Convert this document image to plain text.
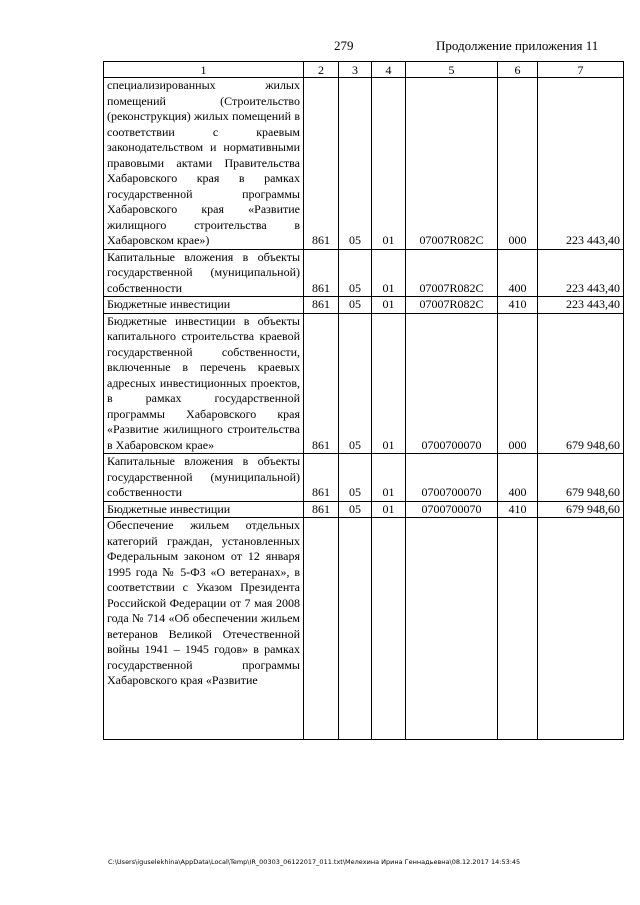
279	Продолжение приложения 11
1	2	3	4	5	6	7
специализированных жилых помещений (Строительство (реконструкция) жилых помещений в соответствии с краевым законодательством и нормативными правовыми актами Правительства Хабаровского края в рамках государственной программы Хабаровского края «Развитие жилищного строительства в Хабаровском крае»)	861	05	01	07007R082С	000	223 443,40
Капитальные вложения в объекты государственной (муниципальной) собственности	861	05	01	07007R082С	400	223 443,40
Бюджетные инвестиции	861	05	01	07007R082С	410	223 443,40
Бюджетные инвестиции в объекты капитального строительства краевой государственной собственности, включенные в перечень краевых адресных инвестиционных проектов, в рамках государственной программы Хабаровского края «Развитие жилищного строительства в Хабаровском крае»	861	05	01	0700700070	000	679 948,60
Капитальные вложения в объекты государственной (муниципальной) собственности	861	05	01	0700700070	400	679 948,60
Бюджетные инвестиции	861	05	01	0700700070	410	679 948,60

Обеспечение жильем отдельных категорий граждан, установленных Федеральным законом от 12 января 1995 года № 5-ФЗ «О ветеранах», в соответствии с Указом Президента Российской Федерации от 7 мая 2008 года № 714 «Об обеспечении жильем ветеранов Великой Отечественной войны 1941 – 1945 годов» в рамках государственной программы Хабаровского края «Развитие						

C:\Users\iguselekhina\AppData\Local\Temp\IR_00303_06122017_011.txt\Мелехина Ирина Геннадьевна\08.12.2017 14:53:45
